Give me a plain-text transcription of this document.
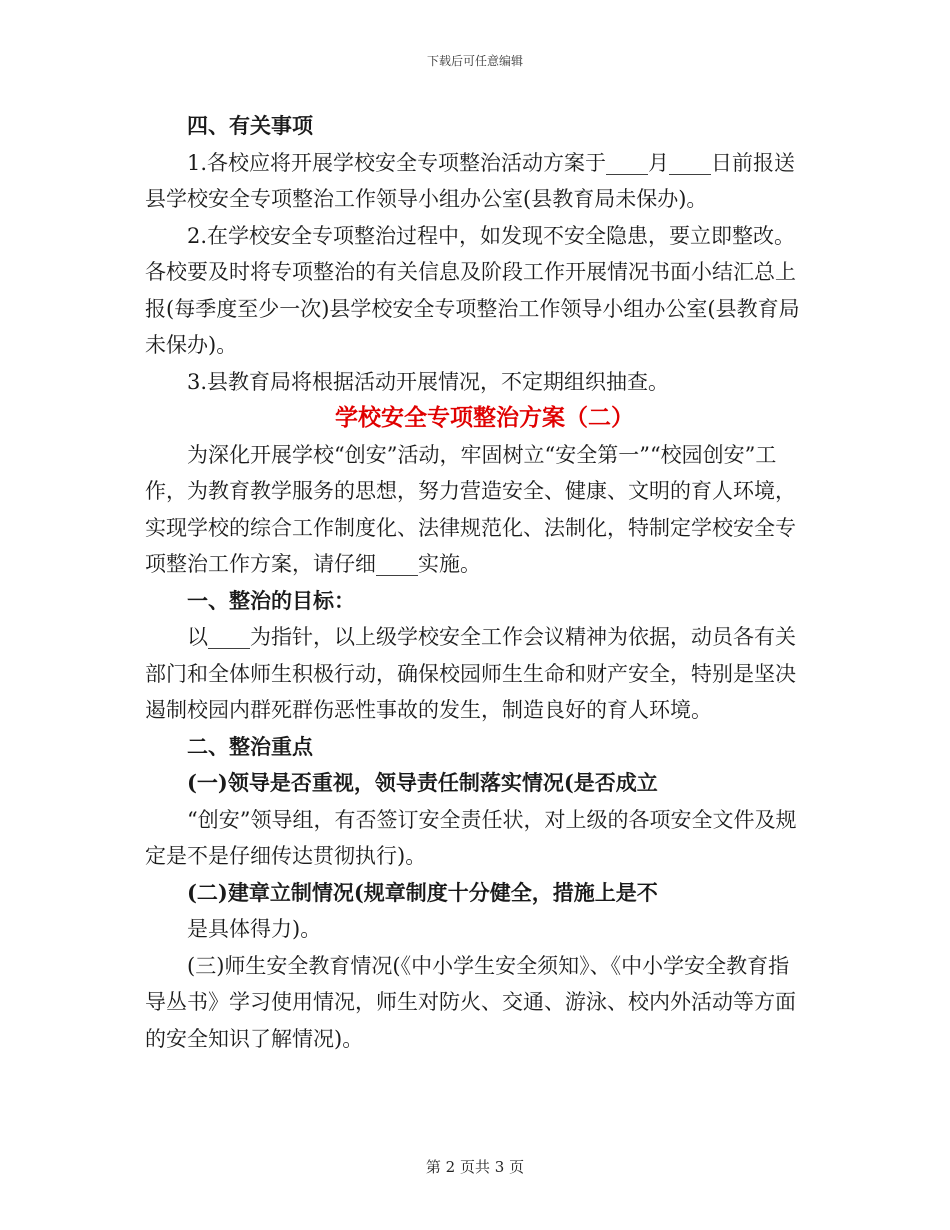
下载后可任意编辑

四、有关事项

1.各校应将开展学校安全专项整治活动方案于____月____日前报送县学校安全专项整治工作领导小组办公室(县教育局未保办)。

2.在学校安全专项整治过程中，如发现不安全隐患，要立即整改。各校要及时将专项整治的有关信息及阶段工作开展情况书面小结汇总上报(每季度至少一次)县学校安全专项整治工作领导小组办公室(县教育局未保办)。

3.县教育局将根据活动开展情况，不定期组织抽查。

学校安全专项整治方案（二）

为深化开展学校“创安”活动，牢固树立“安全第一”“校园创安”工作，为教育教学服务的思想，努力营造安全、健康、文明的育人环境，实现学校的综合工作制度化、法律规范化、法制化，特制定学校安全专项整治工作方案，请仔细____实施。

一、整治的目标：

以____为指针，以上级学校安全工作会议精神为依据，动员各有关部门和全体师生积极行动，确保校园师生生命和财产安全，特别是坚决遏制校园内群死群伤恶性事故的发生，制造良好的育人环境。

二、整治重点

(一)领导是否重视，领导责任制落实情况(是否成立

“创安”领导组，有否签订安全责任状，对上级的各项安全文件及规定是不是仔细传达贯彻执行)。

(二)建章立制情况(规章制度十分健全，措施上是不

是具体得力)。

(三)师生安全教育情况(《中小学生安全须知》、《中小学安全教育指导丛书》学习使用情况，师生对防火、交通、游泳、校内外活动等方面的安全知识了解情况)。

第 2 页共 3 页
